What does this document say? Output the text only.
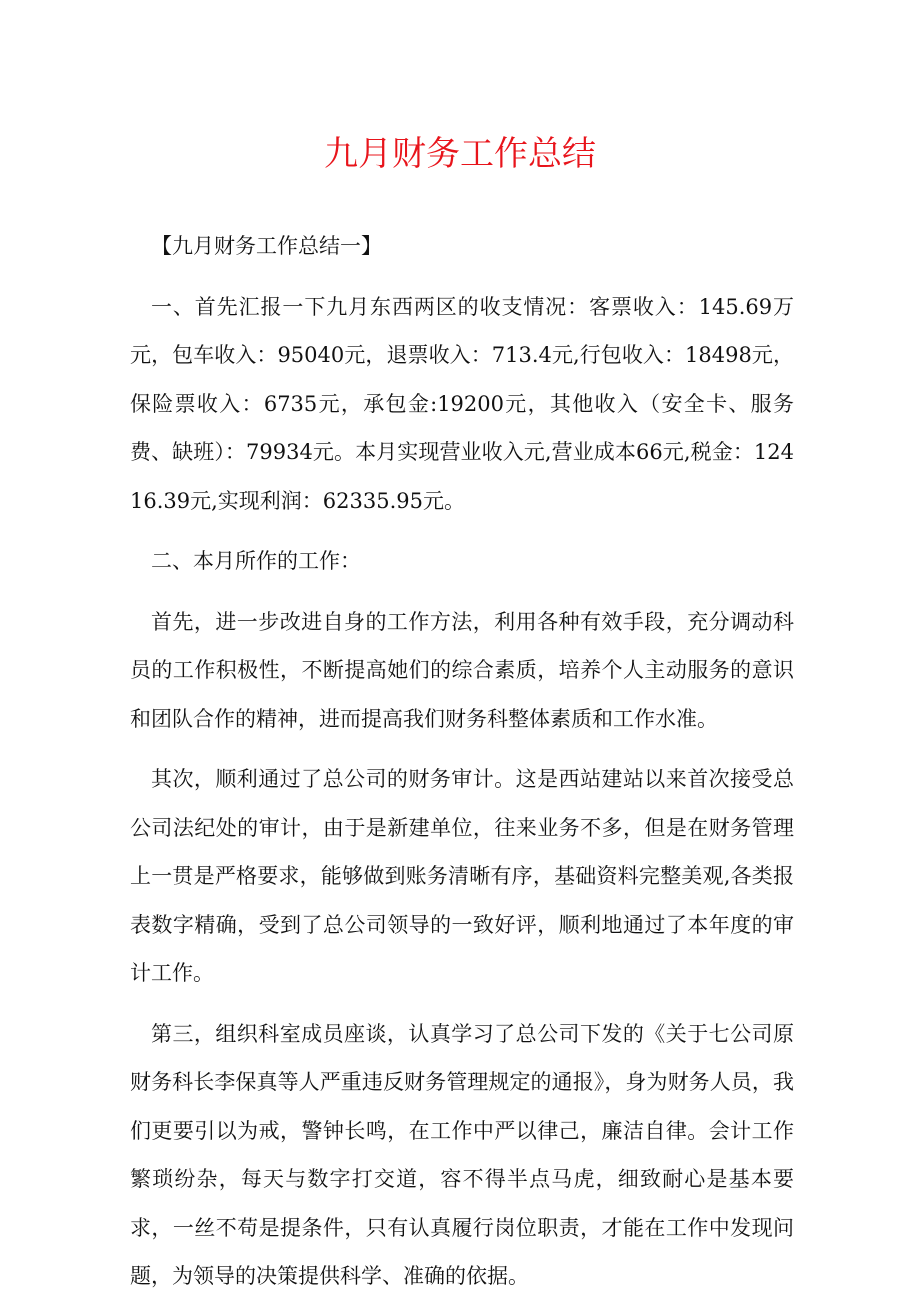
九月财务工作总结

【九月财务工作总结一】

一、首先汇报一下九月东西两区的收支情况：客票收入：145.69万元，包车收入：95040元，退票收入：713.4元,行包收入：18498元，保险票收入：6735元，承包金:19200元，其他收入（安全卡、服务费、缺班）：79934元。本月实现营业收入元,营业成本66元,税金：12416.39元,实现利润：62335.95元。

二、本月所作的工作：

首先，进一步改进自身的工作方法，利用各种有效手段，充分调动科员的工作积极性，不断提高她们的综合素质，培养个人主动服务的意识和团队合作的精神，进而提高我们财务科整体素质和工作水准。

其次，顺利通过了总公司的财务审计。这是西站建站以来首次接受总公司法纪处的审计，由于是新建单位，往来业务不多，但是在财务管理上一贯是严格要求，能够做到账务清晰有序，基础资料完整美观,各类报表数字精确，受到了总公司领导的一致好评，顺利地通过了本年度的审计工作。

第三，组织科室成员座谈，认真学习了总公司下发的《关于七公司原财务科长李保真等人严重违反财务管理规定的通报》，身为财务人员，我们更要引以为戒，警钟长鸣，在工作中严以律己，廉洁自律。会计工作繁琐纷杂，每天与数字打交道，容不得半点马虎，细致耐心是基本要求，一丝不苟是提条件，只有认真履行岗位职责，才能在工作中发现问题，为领导的决策提供科学、准确的依据。
